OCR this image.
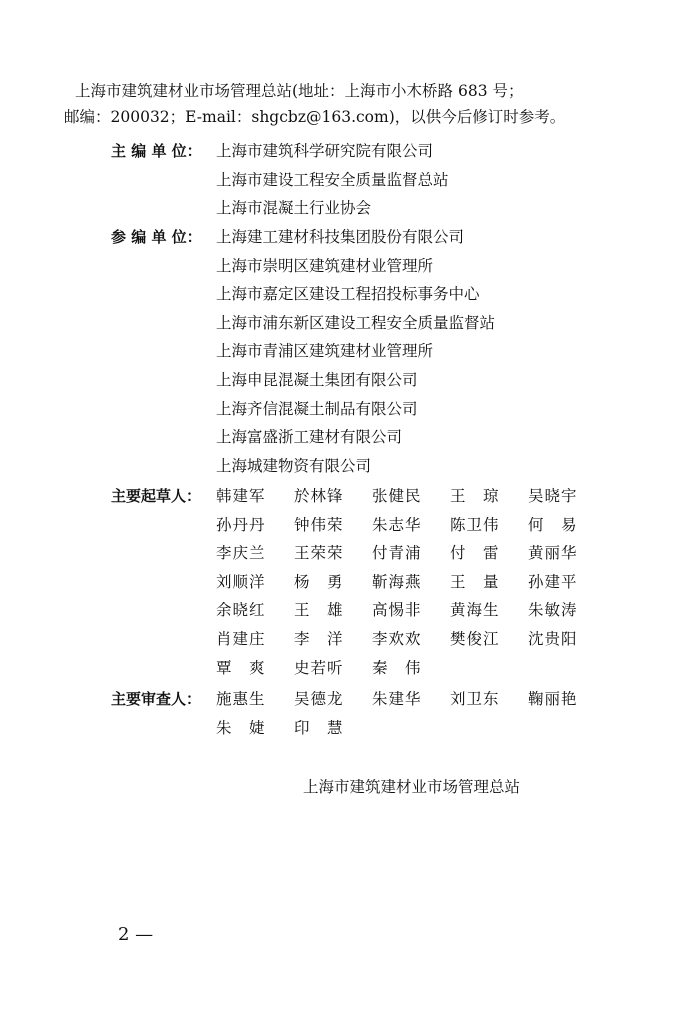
上海市建筑建材业市场管理总站(地址：上海市小木桥路 683 号；
邮编：200032；E-mail：shgcbz@163.com)，以供今后修订时参考。
主 编 单 位： 上海市建筑科学研究院有限公司
上海市建设工程安全质量监督总站
上海市混凝土行业协会
参 编 单 位： 上海建工建材科技集团股份有限公司
上海市崇明区建筑建材业管理所
上海市嘉定区建设工程招投标事务中心
上海市浦东新区建设工程安全质量监督站
上海市青浦区建筑建材业管理所
上海申昆混凝土集团有限公司
上海齐信混凝土制品有限公司
上海富盛浙工建材有限公司
上海城建物资有限公司
主要起草人： 韩建军	於林锋	张健民	王　琼	吴晓宇
孙丹丹	钟伟荣	朱志华	陈卫伟	何　易
李庆兰	王荣荣	付青浦	付　雷	黄丽华
刘顺洋	杨　勇	靳海燕	王　量	孙建平
余晓红	王　雄	高惕非	黄海生	朱敏涛
肖建庄	李　洋	李欢欢	樊俊江	沈贵阳
覃　爽	史若听	秦　伟
主要审查人： 施惠生	吴德龙	朱建华	刘卫东	鞠丽艳
朱　婕	印　慧
上海市建筑建材业市场管理总站
2 —
